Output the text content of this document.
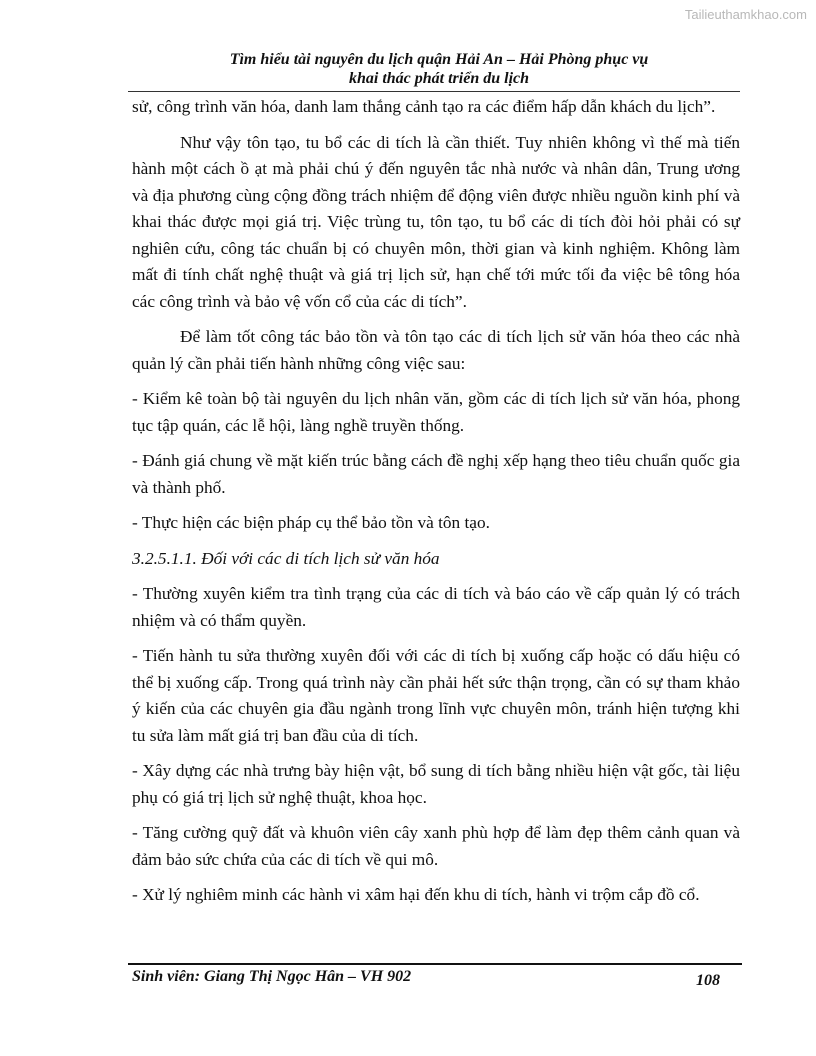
Tailieuthamkhao.com
Tìm hiểu tài nguyên du lịch quận Hải An – Hải Phòng phục vụ
khai thác phát triển du lịch

sử, công trình văn hóa, danh lam thắng cảnh tạo ra các điểm hấp dẫn khách du lịch”.

Như vậy tôn tạo, tu bổ các di tích là cần thiết. Tuy nhiên không vì thế mà tiến hành một cách ồ ạt mà phải chú ý đến nguyên tắc nhà nước và nhân dân, Trung ương và địa phương cùng cộng đồng trách nhiệm để động viên được nhiều nguồn kinh phí và khai thác được mọi giá trị. Việc trùng tu, tôn tạo, tu bổ các di tích đòi hỏi phải có sự nghiên cứu, công tác chuẩn bị có chuyên môn, thời gian và kinh nghiệm. Không làm mất đi tính chất nghệ thuật và giá trị lịch sử, hạn chế tới mức tối đa việc bê tông hóa các công trình và bảo vệ vốn cổ của các di tích”.

Để làm tốt công tác bảo tồn và tôn tạo các di tích lịch sử văn hóa theo các nhà quản lý cần phải tiến hành những công việc sau:

- Kiểm kê toàn bộ tài nguyên du lịch nhân văn, gồm các di tích lịch sử văn hóa, phong tục tập quán, các lễ hội, làng nghề truyền thống.

- Đánh giá chung về mặt kiến trúc bằng cách đề nghị xếp hạng theo tiêu chuẩn quốc gia và thành phố.

- Thực hiện các biện pháp cụ thể bảo tồn và tôn tạo.

3.2.5.1.1. Đối với các di tích lịch sử văn hóa

- Thường xuyên kiểm tra tình trạng của các di tích và báo cáo về cấp quản lý có trách nhiệm và có thẩm quyền.

- Tiến hành tu sửa thường xuyên đối với các di tích bị xuống cấp hoặc có dấu hiệu có thể bị xuống cấp. Trong quá trình này cần phải hết sức thận trọng, cần có sự tham khảo ý kiến của các chuyên gia đầu ngành trong lĩnh vực chuyên môn, tránh hiện tượng khi tu sửa làm mất giá trị ban đầu của di tích.

- Xây dựng các nhà trưng bày hiện vật, bổ sung di tích bằng nhiều hiện vật gốc, tài liệu phụ có giá trị lịch sử nghệ thuật, khoa học.

- Tăng cường quỹ đất và khuôn viên cây xanh phù hợp để làm đẹp thêm cảnh quan và đảm bảo sức chứa của các di tích về qui mô.

- Xử lý nghiêm minh các hành vi xâm hại đến khu di tích, hành vi trộm cắp đồ cổ.

Sinh viên: Giang Thị Ngọc Hân – VH 902	108
